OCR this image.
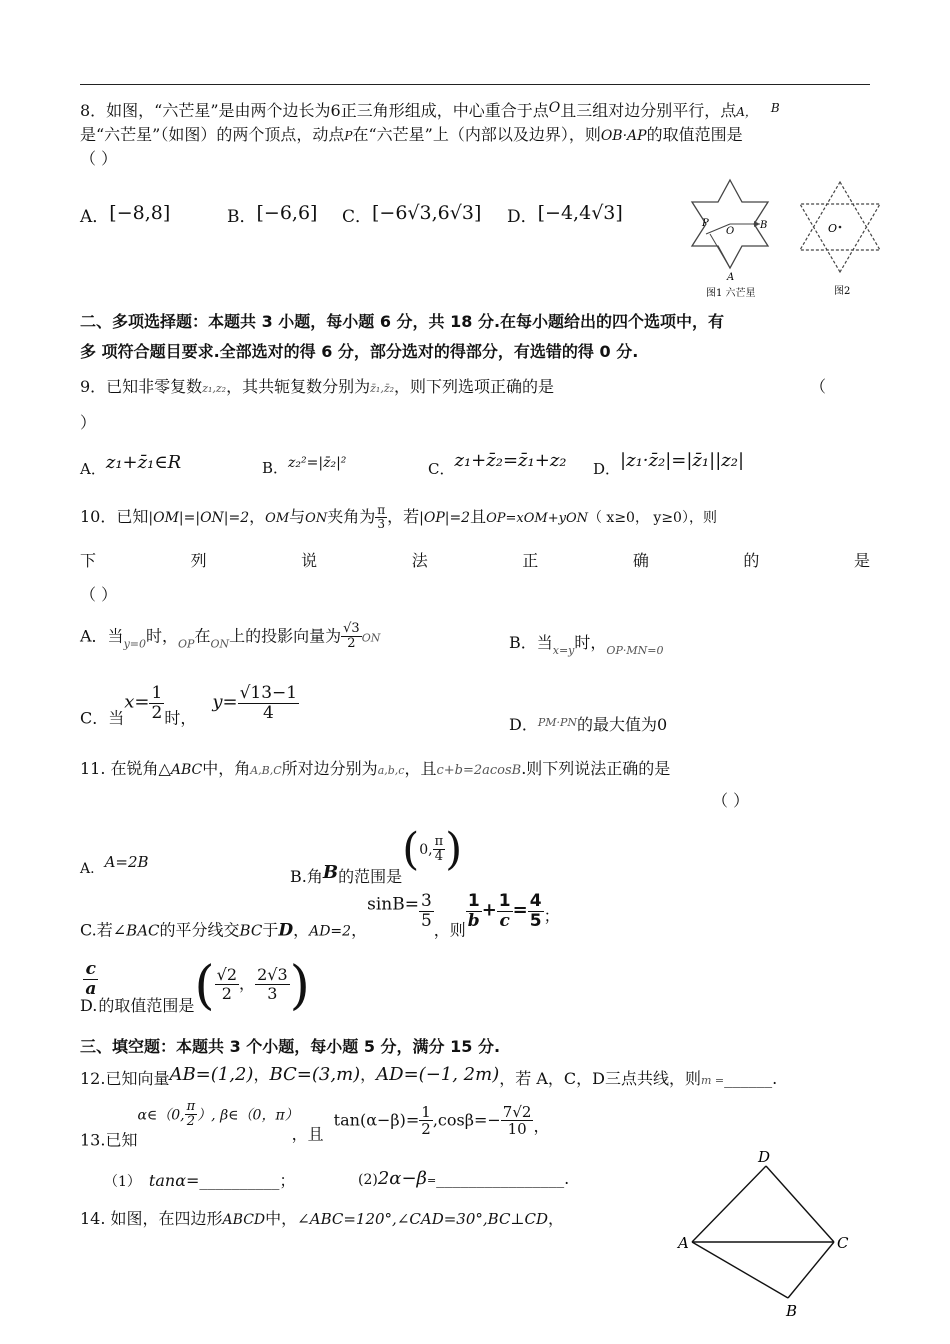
8．如图，“六芒星”是由两个边长为6正三角形组成，中心重合于点O且三组对边分别平行，点A， $^B$
是“六芒星”（如图）的两个顶点，动点P在“六芒星”上（内部以及边界），则OB·AP的取值范围是
（ ）
A．[−8,8]	B．[−6,6] C．[−6√3,6√3] D．[−4,4√3]	P
O
B
A
图1 六芒星
O
图2
二、多项选择题：本题共 3 小题，每小题 6 分，共 18 分.在每小题给出的四个选项中，有
多 项符合题目要求.全部选对的得 6 分，部分选对的得部分，有选错的得 0 分.
9．已知非零复数z₁,z₂，其共轭复数分别为z̄₁,z̄₂，则下列选项正确的是	（
）
A．z₁+z̄₁∈R	B．z₂²=|z̄₂|²	C．z₁+z̄₂=z̄₁+z₂ D．|z₁·z̄₂|=|z̄₁||z₂|
10．已知|OM|=|ON|=2，OM与ON夹角为 $\frac{\pi}{3}$ ，若|OP|=2且OP=xOM+yON（ x≥0， y≥0），则
下	列	说	法	正	确	的	是
（ ）
A．当$_{y=0}$时，$_{OP}$在$_{ON}$上的投影向量为 $\frac{√3}{2}$ ON	B．当$_{x=y}$时，$_{OP\cdot MN=0}$
C．当$x= \frac{1}{2}$ 时，$y= \frac{√13-1}{4}$
D．$^{PM\cdot PN}$的最大值为0
11. 在锐角△ABC中，角A,B,C所对边分别为a,b,c，且c+b=2acosB.则下列说法正确的是
（ ）
A. A=2B
B.角B的范围是(0, $\frac{\pi}{4}$ )
C.若∠BAC的平分线交BC于D，AD=2，$\sin B= \frac{3}{5}$ ，则 $\frac{1}{b} + \frac{1}{c} = \frac{4}{5}$ ；
D.
$\frac{c}{a}$
的取值范围是( $\frac{√2}{2}$ ， $\frac{2√3}{3}$ )
三、填空题：本题共 3 个小题，每小题 5 分，满分 15 分.
12.已知向量AB=(1,2)，BC=(3,m)，AD=(−1, 2m)，若 A，C，D三点共线，则$_{m =}$______.
13.已知α∈（0, $\frac{\pi}{2}$ ）, β∈（0，π），且$\tan(\alpha-\beta)= \frac{1}{2} ,\cos\beta=- \frac{7√2}{10}$ ，
（1） tanα=__________；	(2)2α−β=________________.
14. 如图，在四边形ABCD中，∠ABC=120°,∠CAD=30°,BC⊥CD，
D
A	C
B
